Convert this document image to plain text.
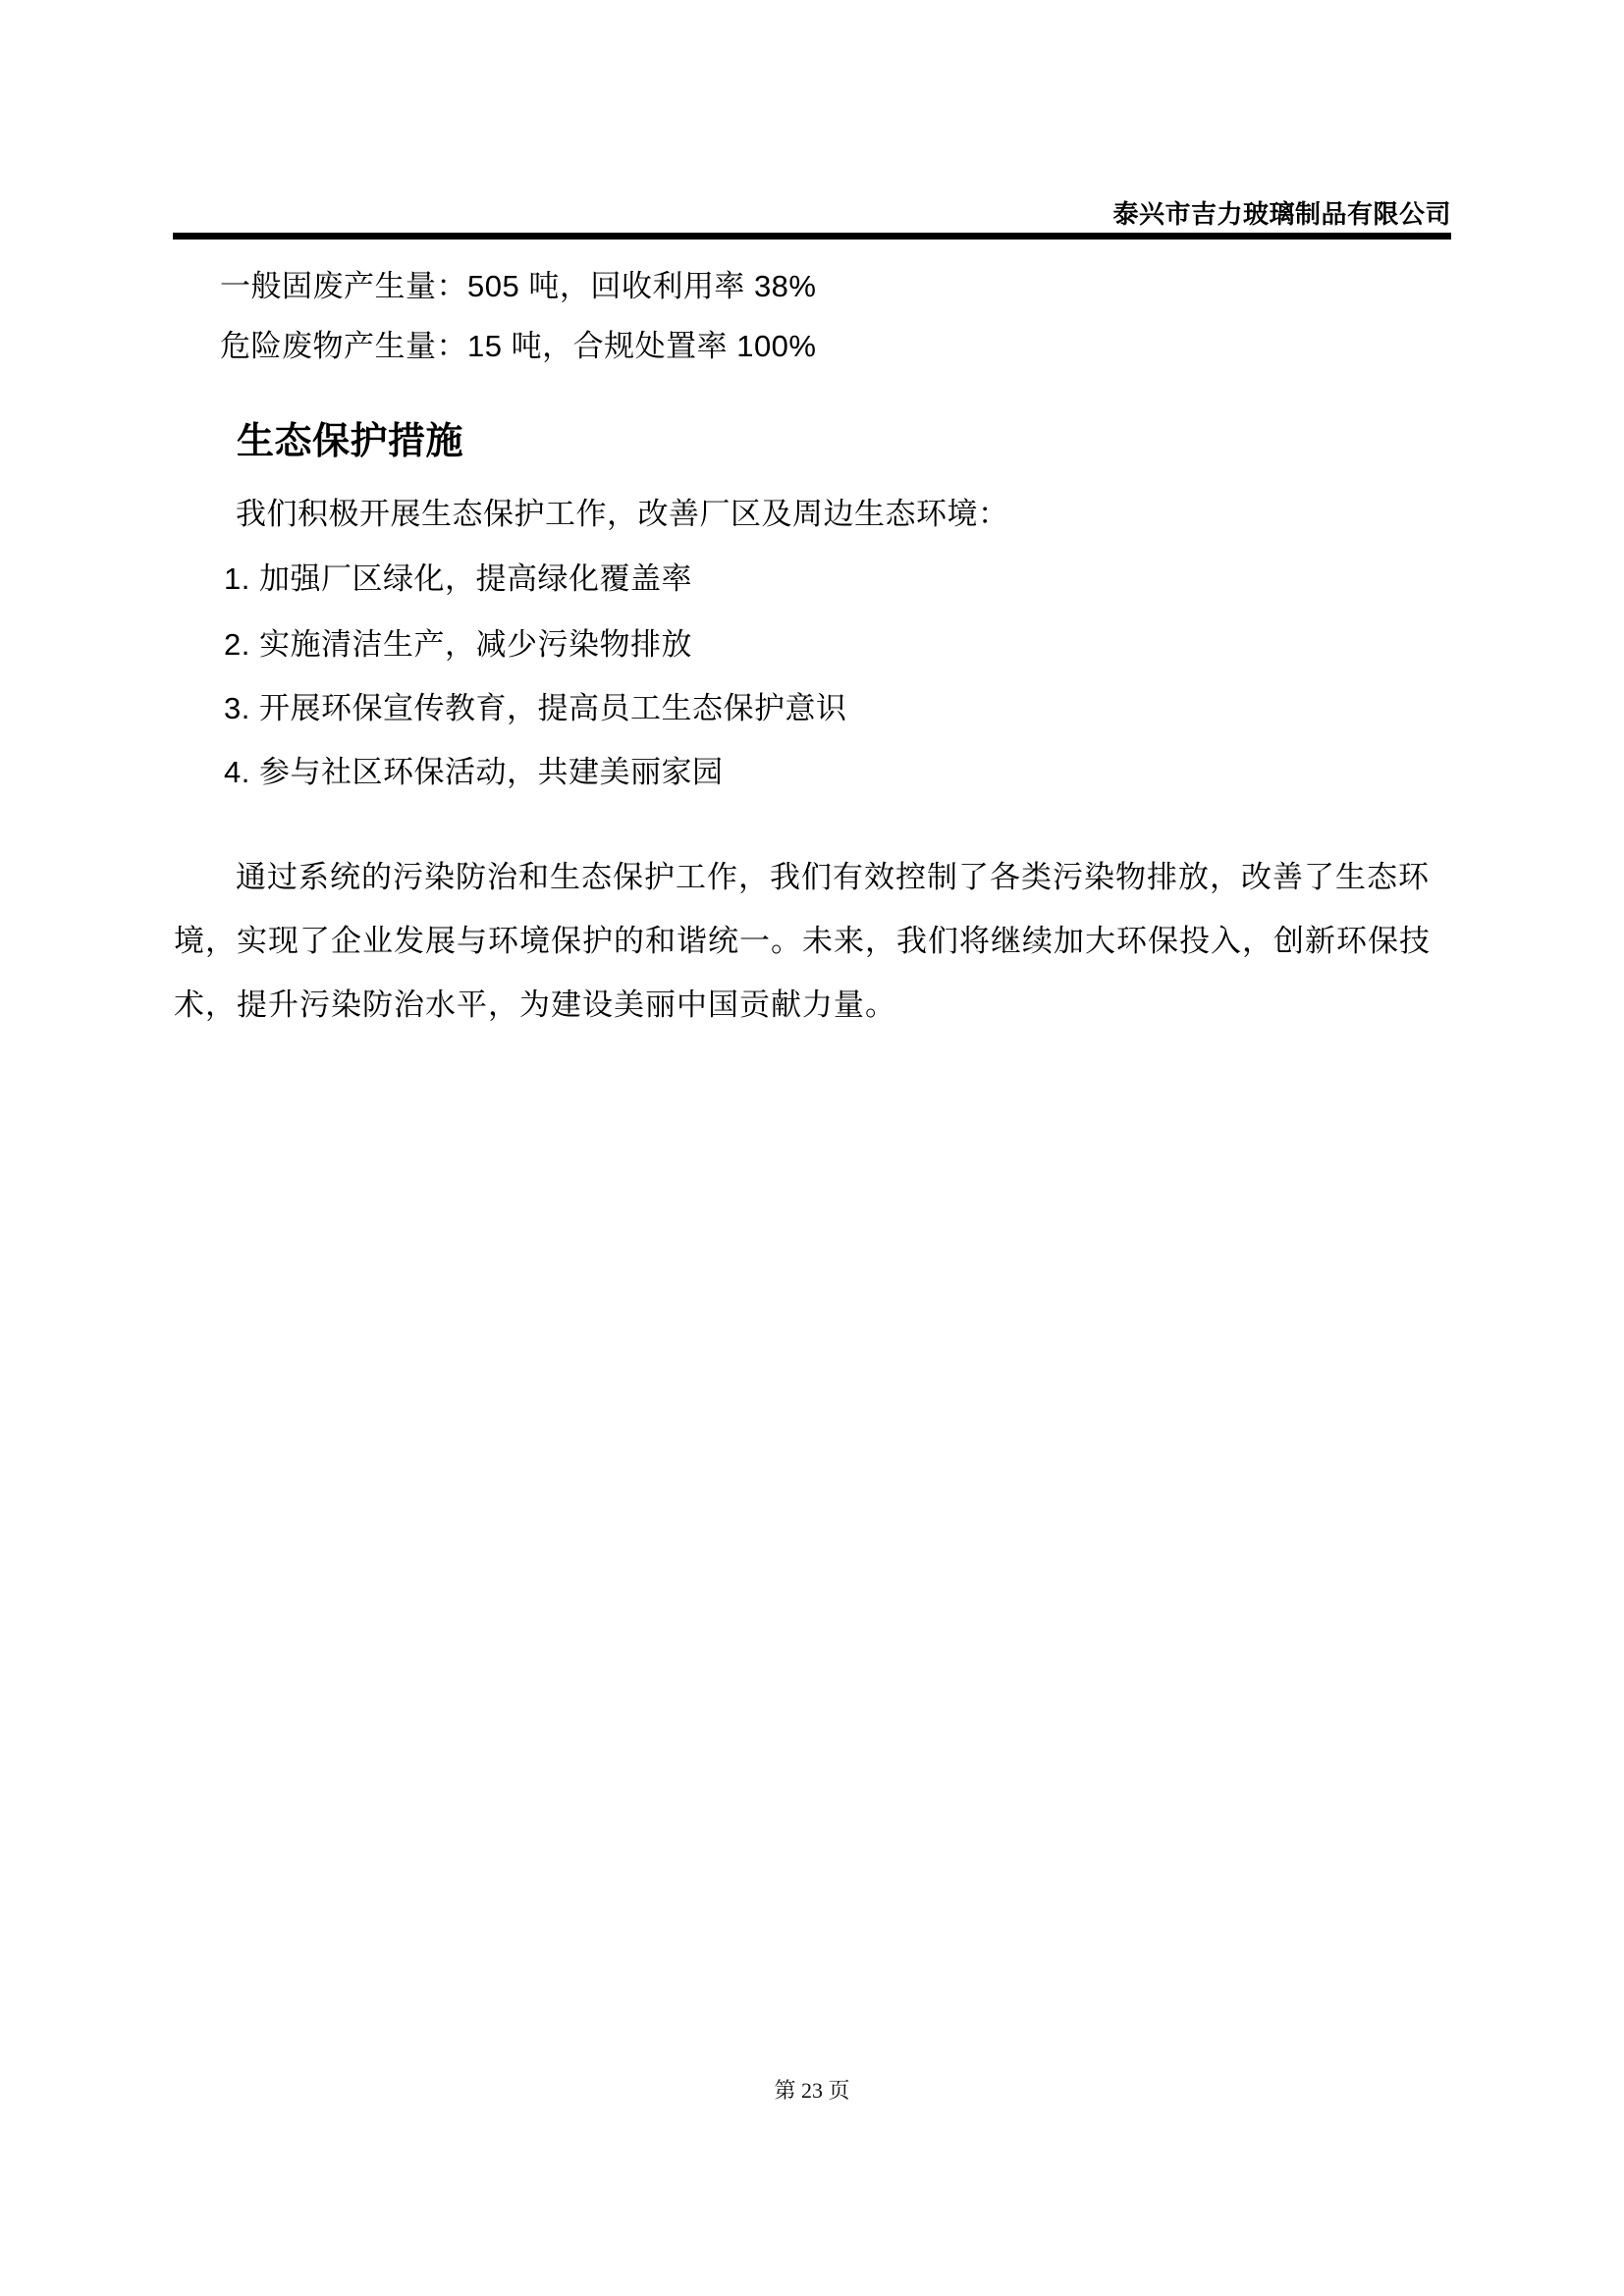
泰兴市吉力玻璃制品有限公司
一般固废产生量：505 吨，回收利用率 38%
危险废物产生量：15 吨，合规处置率 100%
生态保护措施
我们积极开展生态保护工作，改善厂区及周边生态环境：
1. 加强厂区绿化，提高绿化覆盖率
2. 实施清洁生产，减少污染物排放
3. 开展环保宣传教育，提高员工生态保护意识
4. 参与社区环保活动，共建美丽家园
通过系统的污染防治和生态保护工作，我们有效控制了各类污染物排放，改善了生态环
境，实现了企业发展与环境保护的和谐统一。未来，我们将继续加大环保投入，创新环保技
术，提升污染防治水平，为建设美丽中国贡献力量。
第 23 页
